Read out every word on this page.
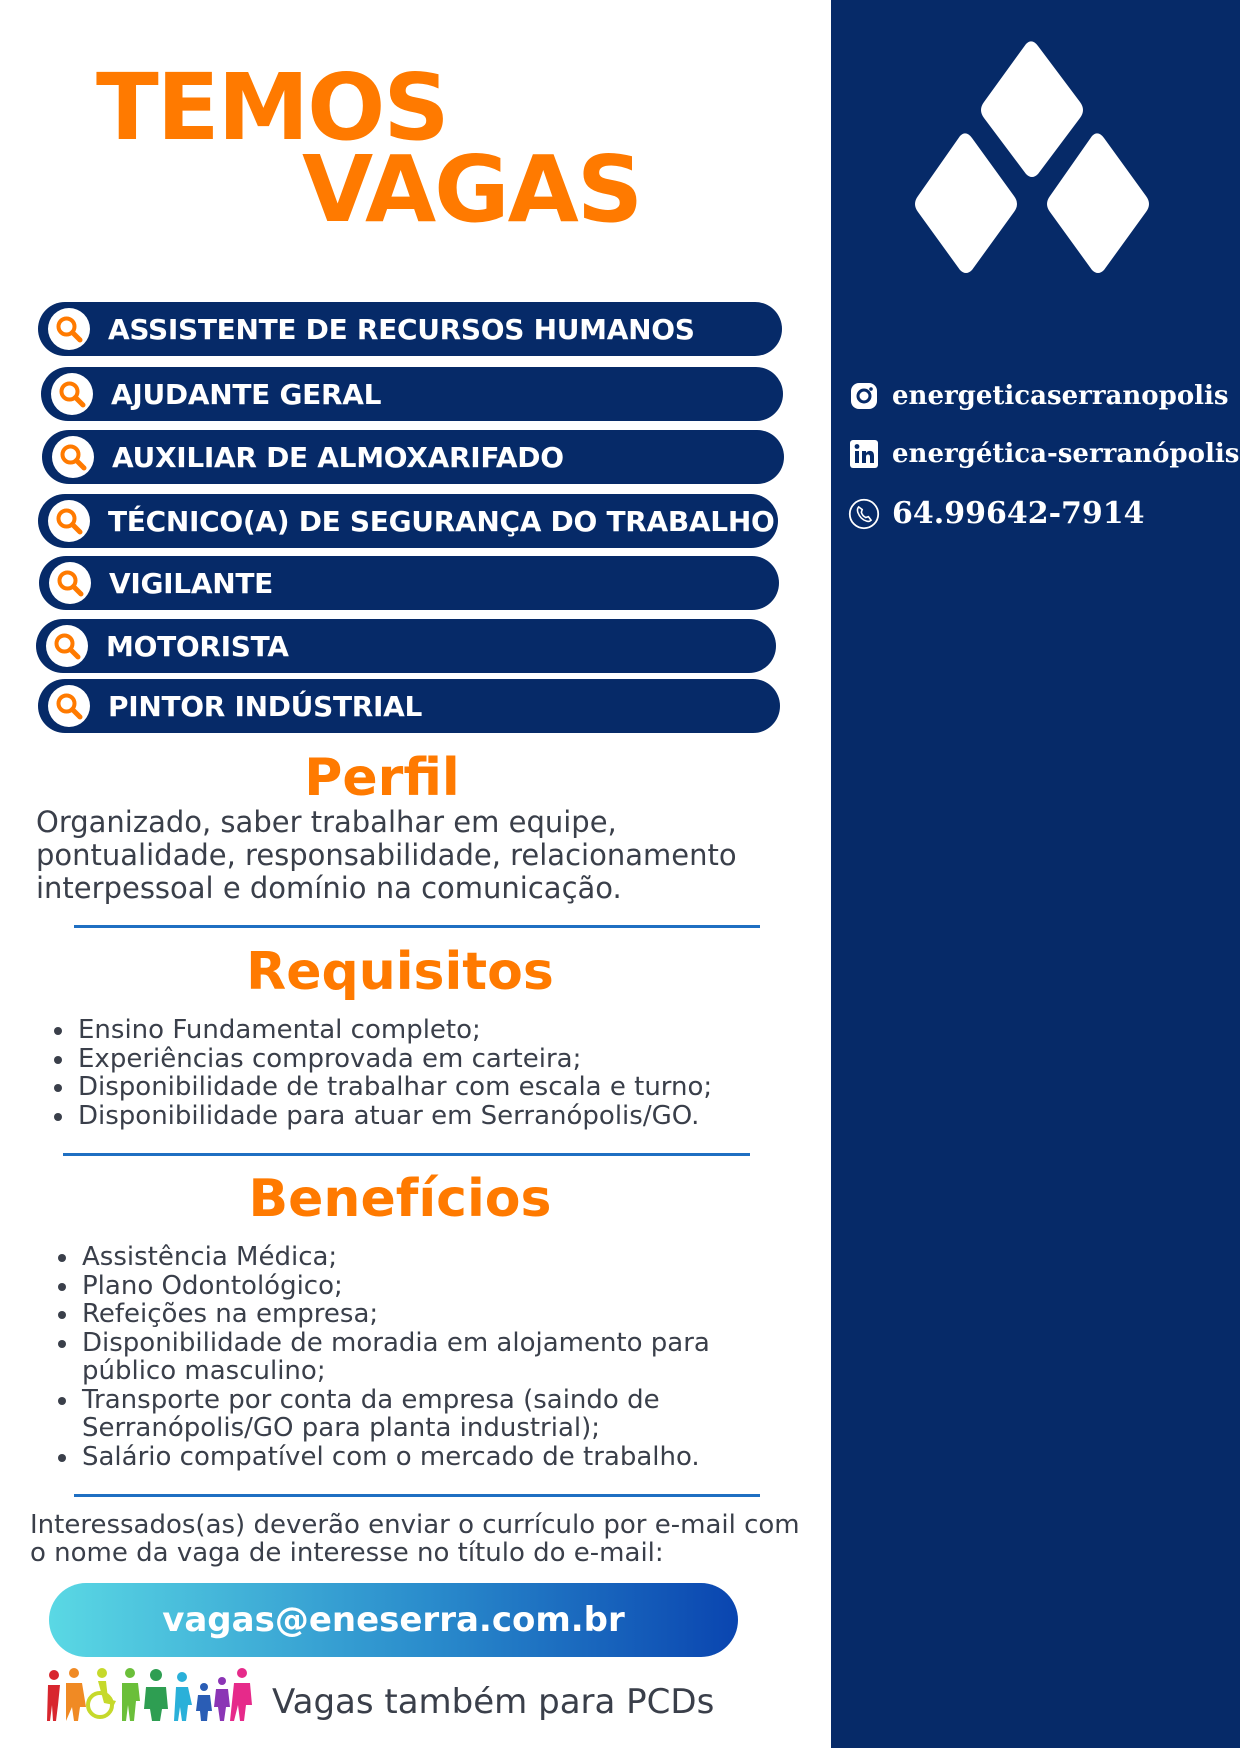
TEMOS
VAGAS
ASSISTENTE DE RECURSOS HUMANOS
AJUDANTE GERAL
AUXILIAR DE ALMOXARIFADO
TÉCNICO(A) DE SEGURANÇA DO TRABALHO
VIGILANTE
MOTORISTA
PINTOR INDÚSTRIAL
Perfil
Organizado, saber trabalhar em equipe, pontualidade, responsabilidade, relacionamento interpessoal e domínio na comunicação.
Requisitos
• Ensino Fundamental completo;
• Experiências comprovada em carteira;
• Disponibilidade de trabalhar com escala e turno;
• Disponibilidade para atuar em Serranópolis/GO.
Benefícios
• Assistência Médica;
• Plano Odontológico;
• Refeições na empresa;
• Disponibilidade de moradia em alojamento para público masculino;
• Transporte por conta da empresa (saindo de Serranópolis/GO para planta industrial);
• Salário compatível com o mercado de trabalho.
Interessados(as) deverão enviar o currículo por e-mail com o nome da vaga de interesse no título do e-mail:
vagas@eneserra.com.br
Vagas também para PCDs
energeticaserranopolis
energética-serranópolis
64.99642-7914
